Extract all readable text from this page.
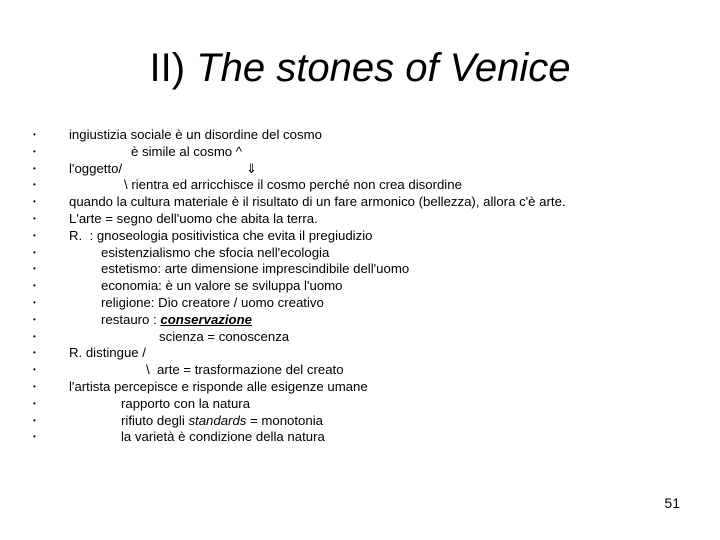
II) The stones of Venice
•	ingiustizia sociale è un disordine del cosmo
•	è simile al cosmo ^
•	l'oggetto/	⇓
•	\ rientra ed arricchisce il cosmo perché non crea disordine
•	quando la cultura materiale è il risultato di un fare armonico (bellezza), allora c'è arte.
•	L'arte = segno dell'uomo che abita la terra.
•	R.  : gnoseologia positivistica che evita il pregiudizio
•	esistenzialismo che sfocia nell'ecologia
•	estetismo: arte dimensione imprescindibile dell'uomo
•	economia: è un valore se sviluppa l'uomo
•	religione: Dio creatore / uomo creativo
•	restauro : conservazione
•	scienza = conoscenza
•	R. distingue /
•	\  arte = trasformazione del creato
•	l'artista percepisce e risponde alle esigenze umane
•	rapporto con la natura
•	rifiuto degli standards = monotonia
•	la varietà è condizione della natura
51
